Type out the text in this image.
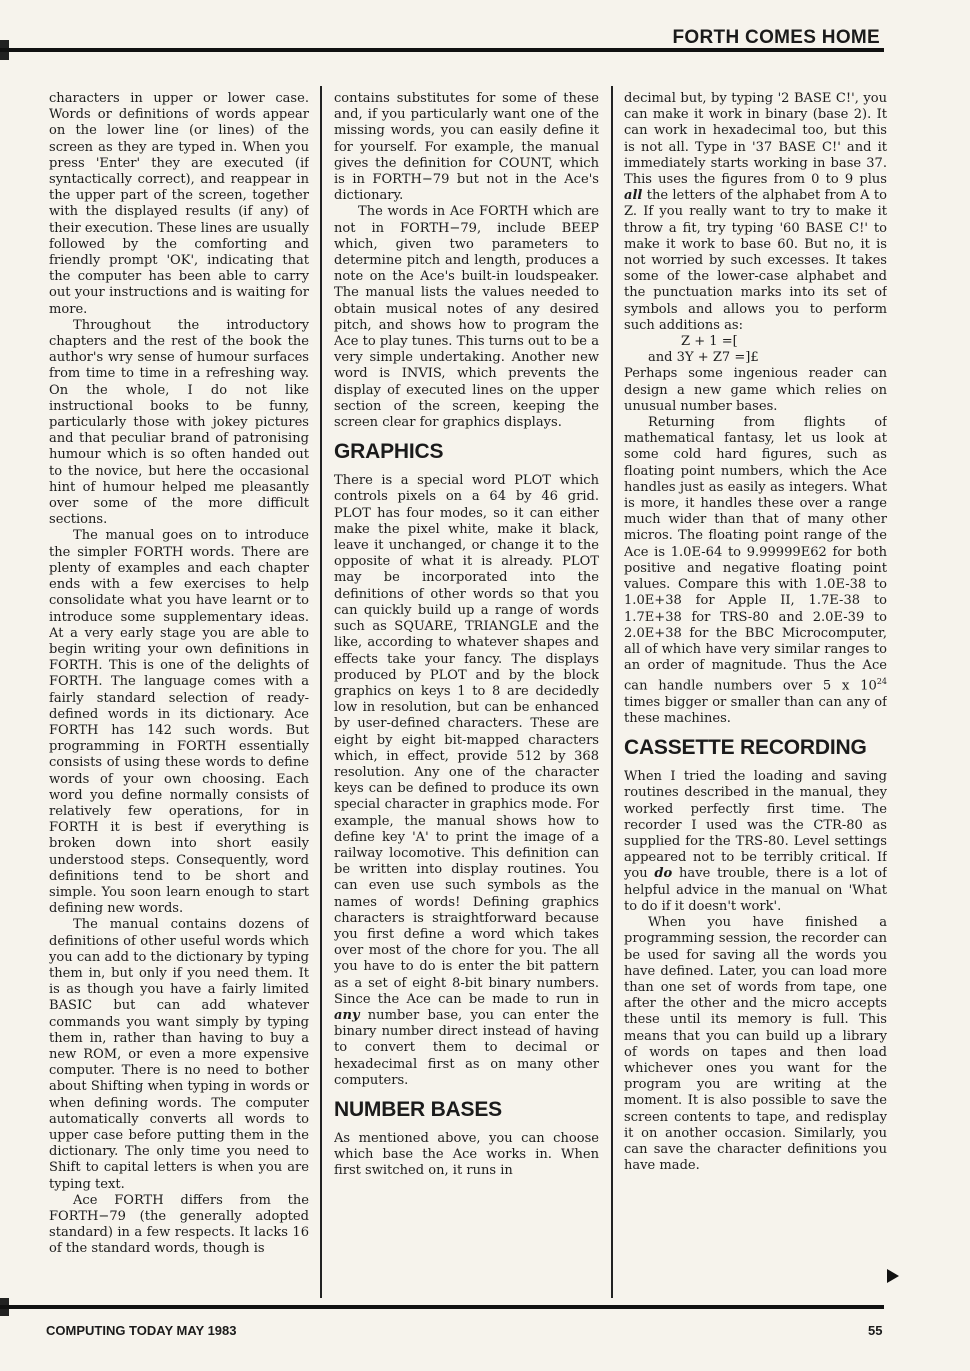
FORTH COMES HOME

characters in upper or lower case. Words or definitions of words appear on the lower line (or lines) of the screen as they are typed in. When you press 'Enter' they are executed (if syntactically correct), and reappear in the upper part of the screen, together with the displayed results (if any) of their execution. These lines are usually followed by the comforting and friendly prompt 'OK', indicating that the computer has been able to carry out your instructions and is waiting for more.

Throughout the introductory chapters and the rest of the book the author's wry sense of humour surfaces from time to time in a refreshing way. On the whole, I do not like instructional books to be funny, particularly those with jokey pictures and that peculiar brand of patronising humour which is so often handed out to the novice, but here the occasional hint of humour helped me pleasantly over some of the more difficult sections.

The manual goes on to introduce the simpler FORTH words. There are plenty of examples and each chapter ends with a few exercises to help consolidate what you have learnt or to introduce some supplementary ideas. At a very early stage you are able to begin writing your own definitions in FORTH. This is one of the delights of FORTH. The language comes with a fairly standard selection of ready-defined words in its dictionary. Ace FORTH has 142 such words. But programming in FORTH essentially consists of using these words to define words of your own choosing. Each word you define normally consists of relatively few operations, for in FORTH it is best if everything is broken down into short easily understood steps. Consequently, word definitions tend to be short and simple. You soon learn enough to start defining new words.

The manual contains dozens of definitions of other useful words which you can add to the dictionary by typing them in, but only if you need them. It is as though you have a fairly limited BASIC but can add whatever commands you want simply by typing them in, rather than having to buy a new ROM, or even a more expensive computer. There is no need to bother about Shifting when typing in words or when defining words. The computer automatically converts all words to upper case before putting them in the dictionary. The only time you need to Shift to capital letters is when you are typing text.

Ace FORTH differs from the FORTH−79 (the generally adopted standard) in a few respects. It lacks 16 of the standard words, though is

contains substitutes for some of these and, if you particularly want one of the missing words, you can easily define it for yourself. For example, the manual gives the definition for COUNT, which is in FORTH−79 but not in the Ace's dictionary.

The words in Ace FORTH which are not in FORTH−79, include BEEP which, given two parameters to determine pitch and length, produces a note on the Ace's built-in loudspeaker. The manual lists the values needed to obtain musical notes of any desired pitch, and shows how to program the Ace to play tunes. This turns out to be a very simple undertaking. Another new word is INVIS, which prevents the display of executed lines on the upper section of the screen, keeping the screen clear for graphics displays.

GRAPHICS

There is a special word PLOT which controls pixels on a 64 by 46 grid. PLOT has four modes, so it can either make the pixel white, make it black, leave it unchanged, or change it to the opposite of what it is already. PLOT may be incorporated into the definitions of other words so that you can quickly build up a range of words such as SQUARE, TRIANGLE and the like, according to whatever shapes and effects take your fancy. The displays produced by PLOT and by the block graphics on keys 1 to 8 are decidedly low in resolution, but can be enhanced by user-defined characters. These are eight by eight bit-mapped characters which, in effect, provide 512 by 368 resolution. Any one of the character keys can be defined to produce its own special character in graphics mode. For example, the manual shows how to define key 'A' to print the image of a railway locomotive. This definition can be written into display routines. You can even use such symbols as the names of words! Defining graphics characters is straightforward because you first define a word which takes over most of the chore for you. The all you have to do is enter the bit pattern as a set of eight 8-bit binary numbers. Since the Ace can be made to run in any number base, you can enter the binary number direct instead of having to convert them to decimal or hexadecimal first as on many other computers.

NUMBER BASES

As mentioned above, you can choose which base the Ace works in. When first switched on, it runs in

decimal but, by typing '2 BASE C!', you can make it work in binary (base 2). It can work in hexadecimal too, but this is not all. Type in '37 BASE C!' and it immediately starts working in base 37. This uses the figures from 0 to 9 plus all the letters of the alphabet from A to Z. If you really want to try to make it throw a fit, try typing '60 BASE C!' to make it work to base 60. But no, it is not worried by such excesses. It takes some of the lower-case alphabet and the punctuation marks into its set of symbols and allows you to perform such additions as:

Z + 1 =[
and 3Y + Z7 =]£

Perhaps some ingenious reader can design a new game which relies on unusual number bases.

Returning from flights of mathematical fantasy, let us look at some cold hard figures, such as floating point numbers, which the Ace handles just as easily as integers. What is more, it handles these over a range much wider than that of many other micros. The floating point range of the Ace is 1.0E-64 to 9.99999E62 for both positive and negative floating point values. Compare this with 1.0E-38 to 1.0E+38 for Apple II, 1.7E-38 to 1.7E+38 for TRS-80 and 2.0E-39 to 2.0E+38 for the BBC Microcomputer, all of which have very similar ranges to an order of magnitude. Thus the Ace can handle numbers over 5 x $10^{24}$ times bigger or smaller than can any of these machines.

CASSETTE RECORDING

When I tried the loading and saving routines described in the manual, they worked perfectly first time. The recorder I used was the CTR-80 as supplied for the TRS-80. Level settings appeared not to be terribly critical. If you do have trouble, there is a lot of helpful advice in the manual on 'What to do if it doesn't work'.

When you have finished a programming session, the recorder can be used for saving all the words you have defined. Later, you can load more than one set of words from tape, one after the other and the micro accepts these until its memory is full. This means that you can build up a library of words on tapes and then load whichever ones you want for the program you are writing at the moment. It is also possible to save the screen contents to tape, and redisplay it on another occasion. Similarly, you can save the character definitions you have made.

COMPUTING TODAY MAY 1983	55
